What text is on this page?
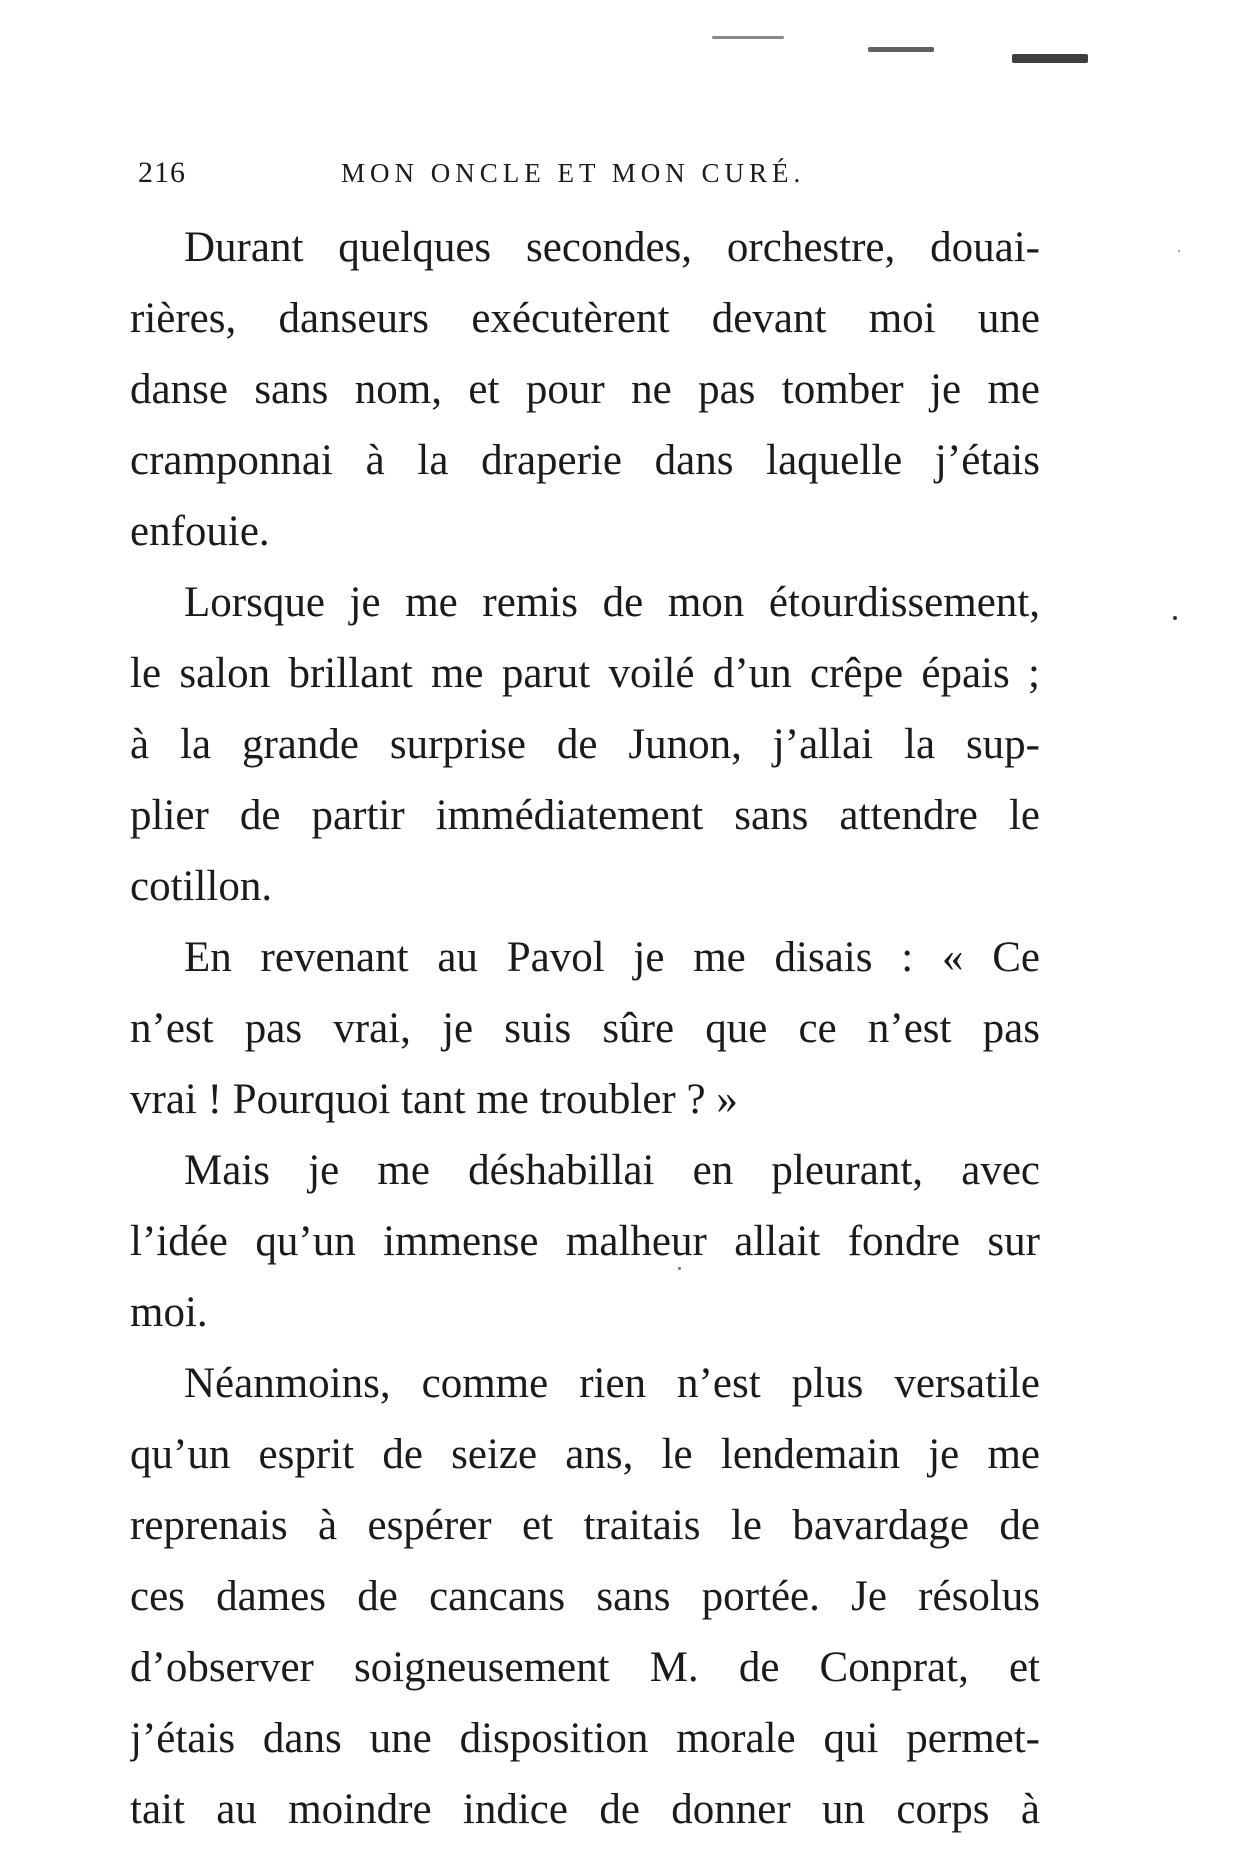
216	MON ONCLE ET MON CURÉ.
Durant quelques secondes, orchestre, douai-
rières, danseurs exécutèrent devant moi une
danse sans nom, et pour ne pas tomber je me
cramponnai à la draperie dans laquelle j’étais
enfouie.
Lorsque je me remis de mon étourdissement,
le salon brillant me parut voilé d’un crêpe épais ;
à la grande surprise de Junon, j’allai la sup-
plier de partir immédiatement sans attendre le
cotillon.
En revenant au Pavol je me disais : « Ce
n’est pas vrai, je suis sûre que ce n’est pas
vrai ! Pourquoi tant me troubler ? »
Mais je me déshabillai en pleurant, avec
l’idée qu’un immense malheur allait fondre sur
moi.
Néanmoins, comme rien n’est plus versatile
qu’un esprit de seize ans, le lendemain je me
reprenais à espérer et traitais le bavardage de
ces dames de cancans sans portée. Je résolus
d’observer soigneusement M. de Conprat, et
j’étais dans une disposition morale qui permet-
tait au moindre indice de donner un corps à
